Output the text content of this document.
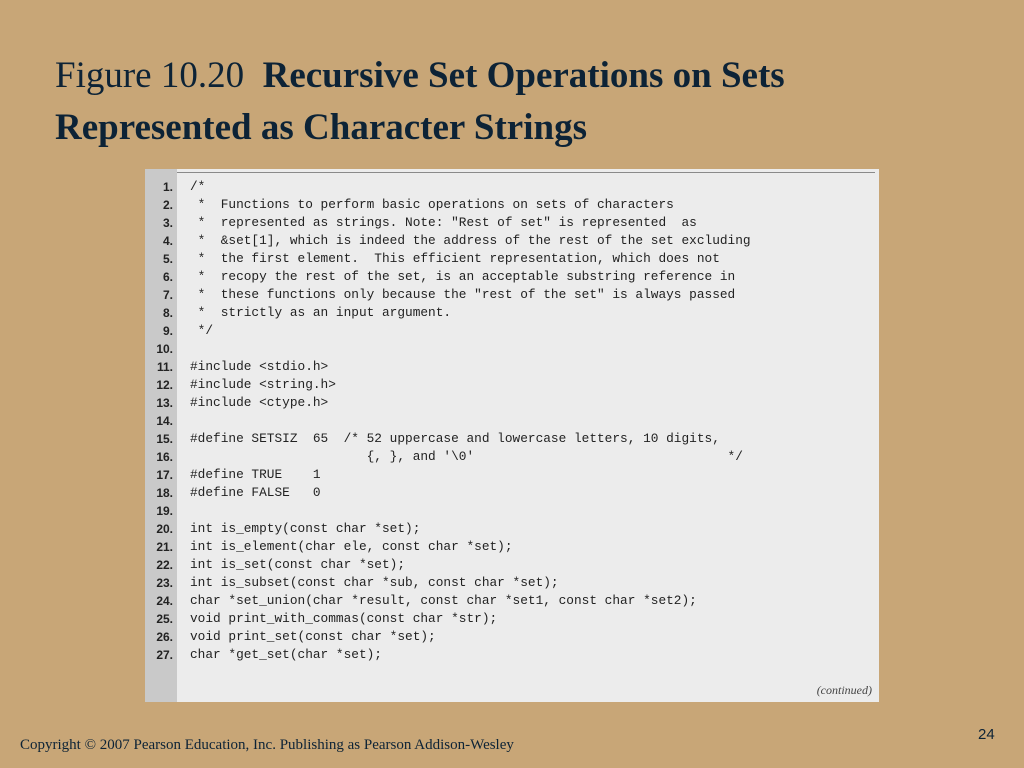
Figure 10.20 Recursive Set Operations on Sets Represented as Character Strings
1. /*
2. *  Functions to perform basic operations on sets of characters
3. *  represented as strings. Note: "Rest of set" is represented  as
4. *  &set[1], which is indeed the address of the rest of the set excluding
5. *  the first element.  This efficient representation, which does not
6. *  recopy the rest of the set, is an acceptable substring reference in
7. *  these functions only because the "rest of the set" is always passed
8. *  strictly as an input argument.
9. */
10.
11. #include <stdio.h>
12. #include <string.h>
13. #include <ctype.h>
14.
15. #define SETSIZ  65  /* 52 uppercase and lowercase letters, 10 digits,
16. {, }, and '\0'                                 */
17. #define TRUE    1
18. #define FALSE   0
19.
20. int is_empty(const char *set);
21. int is_element(char ele, const char *set);
22. int is_set(const char *set);
23. int is_subset(const char *sub, const char *set);
24. char *set_union(char *result, const char *set1, const char *set2);
25. void print_with_commas(const char *str);
26. void print_set(const char *set);
27. char *get_set(char *set);
(continued)
Copyright © 2007 Pearson Education, Inc. Publishing as Pearson Addison-Wesley
24
